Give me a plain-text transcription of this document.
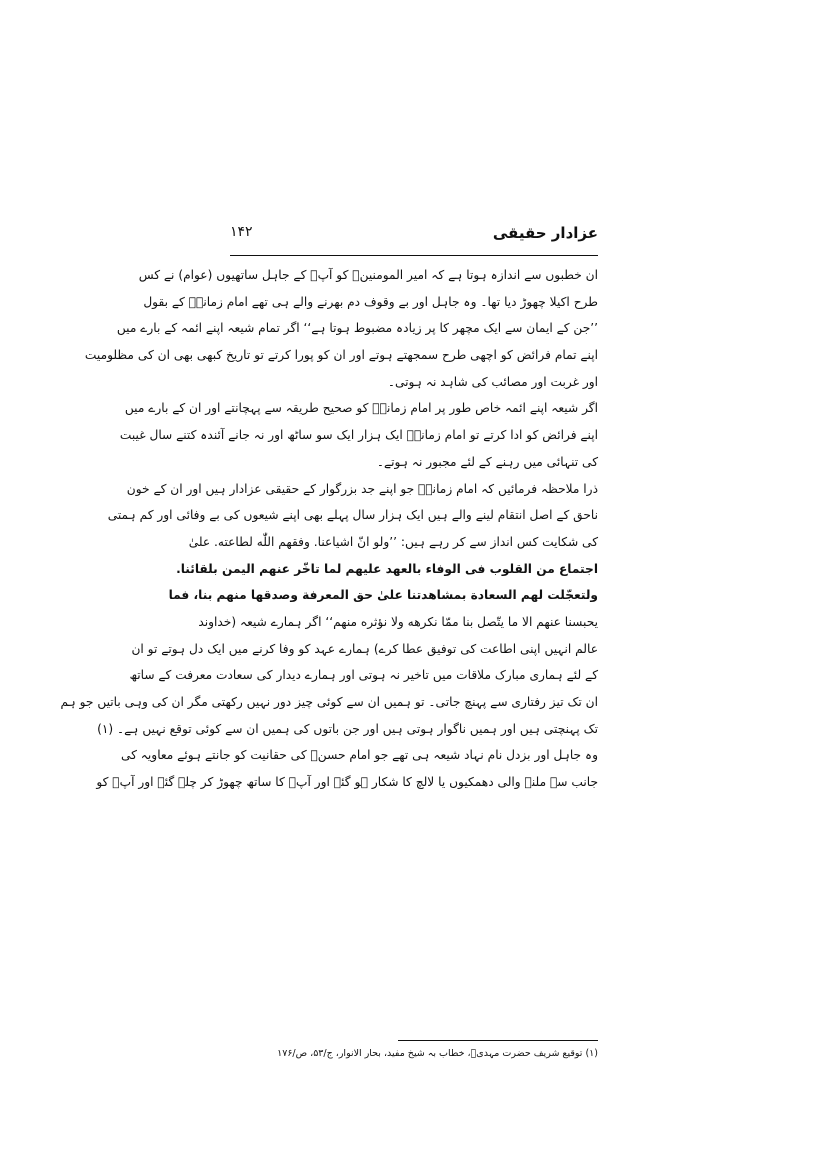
عزادار حقیقی
۱۴۲
ان خطبوں سے اندازہ ہوتا ہے کہ امیر المومنینؑ کو آپؑ کے جاہل ساتھیوں (عوام) نے کس
طرح اکیلا چھوڑ دیا تھا۔ وہ جاہل اور بے وقوف دم بھرنے والے ہی تھے امام زمانہؑ کے بقول
’’جن کے ایمان سے ایک مچھر کا پر زیادہ مضبوط ہوتا ہے‘‘ اگر تمام شیعہ اپنے ائمہ کے بارے میں
اپنے تمام فرائض کو اچھی طرح سمجھتے ہوتے اور ان کو پورا کرتے تو تاریخ کبھی بھی ان کی مظلومیت
اور غربت اور مصائب کی شاہد نہ ہوتی۔
اگر شیعہ اپنے ائمہ خاص طور پر امام زمانہؑ کو صحیح طریقہ سے پہچانتے اور ان کے بارے میں
اپنے فرائض کو ادا کرتے تو امام زمانہؑ ایک ہزار ایک سو ساٹھ اور نہ جانے آئندہ کتنے سال غیبت
کی تنہائی میں رہنے کے لئے مجبور نہ ہوتے۔
ذرا ملاحظہ فرمائیں کہ امام زمانہؑ جو اپنے جد بزرگوار کے حقیقی عزادار ہیں اور ان کے خون
ناحق کے اصل انتقام لینے والے ہیں ایک ہزار سال پہلے بھی اپنے شیعوں کی بے وفائی اور کم ہمتی
کی شکایت کس انداز سے کر رہے ہیں: ’’ولو انّ اشیاعنا. وفقهم اللّٰه لطاعته. علیٰ
اجتماع من القلوب فی الوفاء بالعهد علیهم لما تاخّر عنهم الیمن بلقائنا.
ولتعجّلت لهم السعادة بمشاهدتنا علیٰ حق المعرفة وصدقها منهم بنا، فما
یحبسنا عنهم الا ما یتّصل بنا ممّا نکرهه ولا نؤثره منهم‘‘ اگر ہمارے شیعہ (خداوند
عالم انہیں اپنی اطاعت کی توفیق عطا کرے) ہمارے عہد کو وفا کرنے میں ایک دل ہوتے تو ان
کے لئے ہماری مبارک ملاقات میں تاخیر نہ ہوتی اور ہمارے دیدار کی سعادت معرفت کے ساتھ
ان تک تیز رفتاری سے پہنچ جاتی۔ تو ہمیں ان سے کوئی چیز دور نہیں رکھتی مگر ان کی وہی باتیں جو ہم
تک پہنچتی ہیں اور ہمیں ناگوار ہوتی ہیں اور جن باتوں کی ہمیں ان سے کوئی توقع نہیں ہے۔ (۱)
وہ جاہل اور بزدل نام نہاد شیعہ ہی تھے جو امام حسنؑ کی حقانیت کو جانتے ہوئے معاویہ کی
جانب سے ملنے والی دھمکیوں یا لالچ کا شکار ہو گئے اور آپؑ کا ساتھ چھوڑ کر چلے گئے اور آپؑ کو
(۱) توقیع شریف حضرت مہدیؑ، خطاب بہ شیخ مفید، بحار الانوار، ج/۵۳، ص/۱۷۶
